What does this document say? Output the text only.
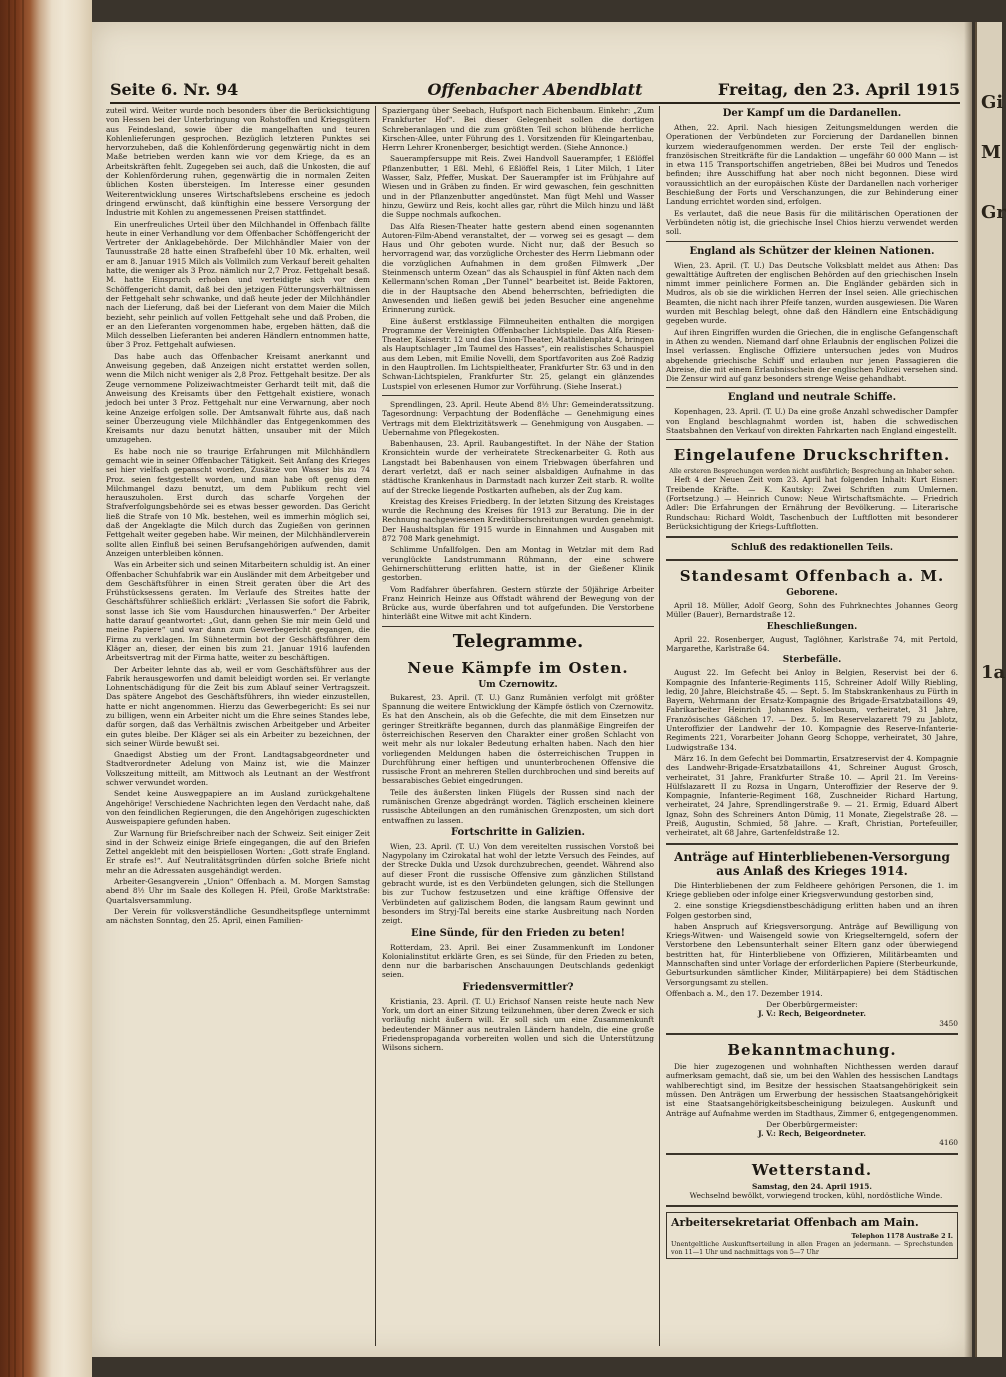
Seite 6. Nr. 94	Offenbacher Abendblatt	Freitag, den 23. April 1915

zuteil wird. Weiter wurde noch besonders über die Berücksichtigung von Hessen bei der Unterbringung von Rohstoffen und Kriegsgütern aus Feindesland, sowie über die mangelhaften und teuren Kohlenlieferungen gesprochen. Bezüglich letzteren Punktes sei hervorzuheben, daß die Kohlenförderung gegenwärtig nicht in dem Maße betrieben werden kann wie vor dem Kriege, da es an Arbeitskräften fehlt. Zugegeben sei auch, daß die Unkosten, die auf der Kohlenförderung ruhen, gegenwärtig die in normalen Zeiten üblichen Kosten übersteigen. Im Interesse einer gesunden Weiterentwicklung unseres Wirtschaftslebens erscheine es jedoch dringend erwünscht, daß künftighin eine bessere Versorgung der Industrie mit Kohlen zu angemessenen Preisen stattfindet.

Ein unerfreuliches Urteil über den Milchhandel in Offenbach fällte heute in einer Verhandlung vor dem Offenbacher Schöffengericht der Vertreter der Anklagebehörde. Der Milchhändler Maier von der Taunusstraße 28 hatte einen Strafbefehl über 10 Mk. erhalten, weil er am 8. Januar 1915 Milch als Vollmilch zum Verkauf bereit gehalten hatte, die weniger als 3 Proz. nämlich nur 2,7 Proz. Fettgehalt besaß. M. hatte Einspruch erhoben und verteidigte sich vor dem Schöffengericht damit, daß bei den jetzigen Fütterungsverhältnissen der Fettgehalt sehr schwanke, und daß heute jeder der Milchhändler nach der Lieferung, daß bei der Lieferant von dem Maier die Milch bezieht, sehr peinlich auf vollen Fettgehalt sehe und daß Proben, die er an den Lieferanten vorgenommen habe, ergeben hätten, daß die Milch desselben Lieferanten bei anderen Händlern entnommen hatte, über 3 Proz. Fettgehalt aufwiesen.

Das habe auch das Offenbacher Kreisamt anerkannt und Anweisung gegeben, daß Anzeigen nicht erstattet werden sollen, wenn die Milch nicht weniger als 2,8 Proz. Fettgehalt besitze. Der als Zeuge vernommene Polizeiwachtmeister Gerhardt teilt mit, daß die Anweisung des Kreisamts über den Fettgehalt existiere, wonach jedoch bei unter 3 Proz. Fettgehalt nur eine Verwarnung, aber noch keine Anzeige erfolgen solle. Der Amtsanwalt führte aus, daß nach seiner Überzeugung viele Milchhändler das Entgegenkommen des Kreisamts nur dazu benutzt hätten, unsauber mit der Milch umzugehen.

Es habe noch nie so traurige Erfahrungen mit Milchhändlern gemacht wie in seiner Offenbacher Tätigkeit. Seit Anfang des Krieges sei hier vielfach gepanscht worden, Zusätze von Wasser bis zu 74 Proz. seien festgestellt worden, und man habe oft genug dem Milchmangel dazu benutzt, um dem Publikum recht viel herauszuholen. Erst durch das scharfe Vorgehen der Strafverfolgungsbehörde sei es etwas besser geworden. Das Gericht ließ die Strafe von 10 Mk. bestehen, weil es immerhin möglich sei, daß der Angeklagte die Milch durch das Zugießen von gerinnen Fettgehalt weiter gegeben habe. Wir meinen, der Milchhändlerverein sollte allen Einfluß bei seinen Berufsangehörigen aufwenden, damit Anzeigen unterbleiben können.

Was ein Arbeiter sich und seinen Mitarbeitern schuldig ist. An einer Offenbacher Schuhfabrik war ein Ausländer mit dem Arbeitgeber und dem Geschäftsführer in einen Streit geraten über die Art des Frühstücksessens geraten. Im Verlaufe des Streites hatte der Geschäftsführer schließlich erklärt: „Verlassen Sie sofort die Fabrik, sonst lasse ich Sie vom Hausdurchen hinauswerfen.“ Der Arbeiter hatte darauf geantwortet: „Gut, dann gehen Sie mir mein Geld und meine Papiere“ und war dann zum Gewerbegericht gegangen, die Firma zu verklagen. Im Sühnetermin bot der Geschäftsführer dem Kläger an, dieser, der einen bis zum 21. Januar 1916 laufenden Arbeitsvertrag mit der Firma hatte, weiter zu beschäftigen.

Der Arbeiter lehnte das ab, weil er vom Geschäftsführer aus der Fabrik herausgeworfen und damit beleidigt worden sei. Er verlangte Lohnentschädigung für die Zeit bis zum Ablauf seiner Vertragszeit. Das spätere Angebot des Geschäftsführers, ihn wieder einzustellen, hatte er nicht angenommen. Hierzu das Gewerbegericht: Es sei nur zu billigen, wenn ein Arbeiter nicht um die Ehre seines Standes lebe, dafür sorgen, daß das Verhältnis zwischen Arbeitgeber und Arbeiter ein gutes bleibe. Der Kläger sei als ein Arbeiter zu bezeichnen, der sich seiner Würde bewußt sei.

Gnaedigst Abstieg um der Front. Landtagsabgeordneter und Stadtverordneter Adelung von Mainz ist, wie die Mainzer Volkszeitung mitteilt, am Mittwoch als Leutnant an der Westfront schwer verwundet worden.

Sendet keine Auswegpapiere an im Ausland zurückgehaltene Angehörige! Verschiedene Nachrichten legen den Verdacht nahe, daß von den feindlichen Regierungen, die den Angehörigen zugeschickten Ausweispapiere gefunden haben.

Zur Warnung für Briefschreiber nach der Schweiz. Seit einiger Zeit sind in der Schweiz einige Briefe eingegangen, die auf den Briefen Zettel angeklebt mit den beispiellosen Worten: „Gott strafe England. Er strafe es!“. Auf Neutralitätsgründen dürfen solche Briefe nicht mehr an die Adressaten ausgehändigt werden.

Arbeiter-Gesangverein „Union“ Offenbach a. M. Morgen Samstag abend 8½ Uhr im Saale des Kollegen H. Pfeil, Große Marktstraße: Quartalsversammlung.

Der Verein für volksverständliche Gesundheitspflege unternimmt am nächsten Sonntag, den 25. April, einen Familien-

Spaziergang über Seebach, Hufsport nach Eichenbaum. Einkehr: „Zum Frankfurter Hof“. Bei dieser Gelegenheit sollen die dortigen Schreberanlagen und die zum größten Teil schon blühende herrliche Kirschen-Allee, unter Führung des 1. Vorsitzenden für Kleingartenbau, Herrn Lehrer Kronenberger, besichtigt werden. (Siehe Annonce.)

Sauerampfersuppe mit Reis. Zwei Handvoll Sauerampfer, 1 Eßlöffel Pflanzenbutter, 1 Eßl. Mehl, 6 Eßlöffel Reis, 1 Liter Milch, 1 Liter Wasser, Salz, Pfeffer, Muskat. Der Sauerampfer ist im Frühjahre auf Wiesen und in Gräben zu finden. Er wird gewaschen, fein geschnitten und in der Pflanzenbutter angedünstet. Man fügt Mehl und Wasser hinzu, Gewürz und Reis, kocht alles gar, rührt die Milch hinzu und läßt die Suppe nochmals aufkochen.

Das Alfa Riesen-Theater hatte gestern abend einen sogenannten Autoren-Film-Abend veranstaltet, der — vorweg sei es gesagt — dem Haus und Ohr geboten wurde. Nicht nur, daß der Besuch so hervorragend war, das vorzügliche Orchester des Herrn Liebmann oder die vorzüglichen Aufnahmen in dem großen Filmwerk „Der Steinmensch unterm Ozean“ das als Schauspiel in fünf Akten nach dem Kellermann'schen Roman „Der Tunnel“ bearbeitet ist. Beide Faktoren, die in der Hauptsache den Abend beherrschten, befriedigten die Anwesenden und ließen gewiß bei jeden Besucher eine angenehme Erinnerung zurück.

Eine äußerst erstklassige Filmneuheiten enthalten die morgigen Programme der Vereinigten Offenbacher Lichtspiele. Das Alfa Riesen-Theater, Kaiserstr. 12 und das Union-Theater, Mathildenplatz 4, bringen als Hauptschlager „Im Taumel des Hasses“, ein realistisches Schauspiel aus dem Leben, mit Emilie Novelli, dem Sportfavoriten aus Zoë Radzig in den Hauptrollen. Im Lichtspieltheater, Frankfurter Str. 63 und in den Schwan-Lichtspielen, Frankfurter Str. 25, gelangt ein glänzendes Lustspiel von erlesenen Humor zur Vorführung. (Siehe Inserat.)

Sprendlingen, 23. April. Heute Abend 8½ Uhr: Gemeinderatssitzung. Tagesordnung: Verpachtung der Bodenfläche — Genehmigung eines Vertrags mit dem Elektrizitätswerk — Genehmigung von Ausgaben. — Uebernahme von Pflegekosten.

Babenhausen, 23. April. Raubangestiftet. In der Nähe der Station Kronsichtein wurde der verheiratete Streckenarbeiter G. Roth aus Langstadt bei Babenhausen von einem Triebwagen überfahren und derart verletzt, daß er nach seiner alsbaldigen Aufnahme in das städtische Krankenhaus in Darmstadt nach kurzer Zeit starb. R. wollte auf der Strecke liegende Postkarten aufheben, als der Zug kam.

Kreistag des Kreises Friedberg. In der letzten Sitzung des Kreistages wurde die Rechnung des Kreises für 1913 zur Beratung. Die in der Rechnung nachgewiesenen Kreditüberschreitungen wurden genehmigt. Der Haushaltsplan für 1915 wurde in Einnahmen und Ausgaben mit 872 708 Mark genehmigt.

Schlimme Unfallfolgen. Den am Montag in Wetzlar mit dem Rad verunglückte Landstrummann Rühmann, der eine schwere Gehirnerschütterung erlitten hatte, ist in der Gießener Klinik gestorben.

Vom Radfahrer überfahren. Gestern stürzte der 50jährige Arbeiter Franz Heinrich Heinze aus Offstadt während der Bewegung von der Brücke aus, wurde überfahren und tot aufgefunden. Die Verstorbene hinterläßt eine Witwe mit acht Kindern.

Telegramme.
Neue Kämpfe im Osten.
Um Czernowitz.

Bukarest, 23. April. (T. U.) Ganz Rumänien verfolgt mit größter Spannung die weitere Entwicklung der Kämpfe östlich von Czernowitz. Es hat den Anschein, als ob die Gefechte, die mit dem Einsetzen nur geringer Streitkräfte begannen, durch das planmäßige Eingreifen der österreichischen Reserven den Charakter einer großen Schlacht von weit mehr als nur lokaler Bedeutung erhalten haben. Nach den hier vorliegenden Meldungen haben die österreichischen Truppen in Durchführung einer heftigen und ununterbrochenen Offensive die russische Front an mehreren Stellen durchbrochen und sind bereits auf bessarabisches Gebiet eingedrungen.

Teile des äußersten linken Flügels der Russen sind nach der rumänischen Grenze abgedrängt worden. Täglich erscheinen kleinere russische Abteilungen an den rumänischen Grenzposten, um sich dort entwaffnen zu lassen.

Fortschritte in Galizien.

Wien, 23. April. (T. U.) Von dem vereitelten russischen Vorstoß bei Nagypolany im Czirokatal hat wohl der letzte Versuch des Feindes, auf der Strecke Dukla und Uzsok durchzubrechen, geendet. Während also auf dieser Front die russische Offensive zum gänzlichen Stillstand gebracht wurde, ist es den Verbündeten gelungen, sich die Stellungen bis zur Tuchow festzusetzen und eine kräftige Offensive der Verbündeten auf galizischem Boden, die langsam Raum gewinnt und besonders im Stryj-Tal bereits eine starke Ausbreitung nach Norden zeigt.

Eine Sünde, für den Frieden zu beten!

Rotterdam, 23. April. Bei einer Zusammenkunft im Londoner Kolonialinstitut erklärte Gren, es sei Sünde, für den Frieden zu beten, denn nur die barbarischen Anschauungen Deutschlands gedenkigt seien.

Friedensvermittler?

Kristiania, 23. April. (T. U.) Erichsof Nansen reiste heute nach New York, um dort an einer Sitzung teilzunehmen, über deren Zweck er sich vorläufig nicht äußern will. Er soll sich um eine Zusammenkunft bedeutender Männer aus neutralen Ländern handeln, die eine große Friedenspropaganda vorbereiten wollen und sich die Unterstützung Wilsons sichern.

Der Kampf um die Dardanellen.

Athen, 22. April. Nach hiesigen Zeitungsmeldungen werden die Operationen der Verbündeten zur Forcierung der Dardanellen binnen kurzem wiederaufgenommen werden. Der erste Teil der englisch-französischen Streitkräfte für die Landaktion — ungefähr 60 000 Mann — ist in etwa 115 Transportschiffen angetrieben, 8Bei bei Mudros und Tenedos befinden; ihre Ausschiffung hat aber noch nicht begonnen. Diese wird voraussichtlich an der europäischen Küste der Dardanellen nach vorheriger Beschießung der Forts und Verschanzungen, die zur Behinderung einer Landung errichtet worden sind, erfolgen.

Es verlautet, daß die neue Basis für die militärischen Operationen der Verbündeten nötig ist, die griechische Insel Chios hierzu verwendet werden soll.

England als Schützer der kleinen Nationen.

Wien, 23. April. (T. U.) Das Deutsche Volksblatt meldet aus Athen: Das gewalttätige Auftreten der englischen Behörden auf den griechischen Inseln nimmt immer peinlichere Formen an. Die Engländer gebärden sich in Mudros, als ob sie die wirklichen Herren der Insel seien. Alle griechischen Beamten, die nicht nach ihrer Pfeife tanzen, wurden ausgewiesen. Die Waren wurden mit Beschlag belegt, ohne daß den Händlern eine Entschädigung gegeben wurde.

Auf ihren Eingriffen wurden die Griechen, die in englische Gefangenschaft in Athen zu wenden. Niemand darf ohne Erlaubnis der englischen Polizei die Insel verlassen. Englische Offiziere untersuchen jedes von Mudros abgehende griechische Schiff und erlauben nur jenen Passagieren die Abreise, die mit einem Erlaubnisschein der englischen Polizei versehen sind. Die Zensur wird auf ganz besonders strenge Weise gehandhabt.

England und neutrale Schiffe.

Kopenhagen, 23. April. (T. U.) Da eine große Anzahl schwedischer Dampfer von England beschlagnahmt worden ist, haben die schwedischen Staatsbahnen den Verkauf von direkten Fahrkarten nach England eingestellt.

Eingelaufene Druckschriften.
Alle ersteren Besprechungen werden nicht ausführlich; Besprechung an Inhaber sehen.

Heft 4 der Neuen Zeit vom 23. April hat folgenden Inhalt: Kurt Eisner: Treibende Kräfte. — K. Kautsky: Zwei Schriften zum Umlernen. (Fortsetzung.) — Heinrich Cunow: Neue Wirtschaftsmächte. — Friedrich Adler: Die Erfahrungen der Ernährung der Bevölkerung. — Literarische Rundschau: Richard Woldt, Taschenbuch der Luftflotten mit besonderer Berücksichtigung der Kriegs-Luftflotten.

Schluß des redaktionellen Teils.
Standesamt Offenbach a. M.
Geborene.

April 18. Müller, Adolf Georg, Sohn des Fuhrknechtes Johannes Georg Müller (Bauer), Bernardstraße 12.

Eheschließungen.

April 22. Rosenberger, August, Taglöhner, Karlstraße 74, mit Pertold, Margarethe, Karlstraße 64.

Sterbefälle.

August 22. Im Gefecht bei Anloy in Belgien, Reservist bei der 6. Kompagnie des Infanterie-Regiments 115, Schreiner Adolf Willy Riebling, ledig, 20 Jahre, Bleichstraße 45. — Sept. 5. Im Stabskrankenhaus zu Fürth in Bayern, Wehrmann der Ersatz-Kompagnie des Brigade-Ersatzbataillons 49, Fabrikarbeiter Heinrich Johannes Rolsecbaum, verheiratet, 31 Jahre, Französisches Gäßchen 17. — Dez. 5. Im Reservelazarett 79 zu Jablotz, Unteroffizier der Landwehr der 10. Kompagnie des Reserve-Infanterie-Regiments 221, Vorarbeiter Johann Georg Schoppe, verheiratet, 30 Jahre, Ludwigstraße 134.

März 16. In dem Gefecht bei Dommartin, Ersatzreservist der 4. Kompagnie des Landwehr-Brigade-Ersatzbataillons 41, Schreiner August Grosch, verheiratet, 31 Jahre, Frankfurter Straße 10. — April 21. Im Vereins-Hülfslazarett II zu Rozsa in Ungarn, Unteroffizier der Reserve der 9. Kompagnie, Infanterie-Regiment 168, Zuschneider Richard Hartung, verheiratet, 24 Jahre, Sprendlingerstraße 9. — 21. Ermig, Eduard Albert Ignaz, Sohn des Schreiners Anton Dümig, 11 Monate, Ziegelstraße 28. — Preiß, Augustin, Schmied, 58 Jahre. — Kraft, Christian, Portefeuiller, verheiratet, alt 68 Jahre, Gartenfeldstraße 12.

Anträge auf Hinterbliebenen-Versorgung aus Anlaß des Krieges 1914.

Die Hinterbliebenen der zum Feldheere gehörigen Personen, die 1. im Kriege geblieben oder infolge einer Kriegsverwundung gestorben sind,

2. eine sonstige Kriegsdienstbeschädigung erlitten haben und an ihren Folgen gestorben sind,

haben Anspruch auf Kriegsversorgung. Anträge auf Bewilligung von Kriegs-Witwen- und Waisengeld sowie von Kriegselterngeld, sofern der Verstorbene den Lebensunterhalt seiner Eltern ganz oder überwiegend bestritten hat, für Hinterbliebene von Offizieren, Militärbeamten und Mannschaften sind unter Vorlage der erforderlichen Papiere (Sterbeurkunde, Geburtsurkunden sämtlicher Kinder, Militärpapiere) bei dem Städtischen Versorgungsamt zu stellen.

Offenbach a. M., den 17. Dezember 1914.

Der Oberbürgermeister:
J. V.: Rech, Beigeordneter.
3450
Bekanntmachung.

Die hier zugezogenen und wohnhaften Nichthessen werden darauf aufmerksam gemacht, daß sie, um bei den Wahlen des hessischen Landtags wahlberechtigt sind, im Besitze der hessischen Staatsangehörigkeit sein müssen. Den Anträgen um Erwerbung der hessischen Staatsangehörigkeit ist eine Staatsangehörigkeitsbescheinigung beizulegen. Auskunft und Anträge auf Aufnahme werden im Stadthaus, Zimmer 6, entgegengenommen.

Der Oberbürgermeister:
J. V.: Rech, Beigeordneter.
4160
Wetterstand.
Samstag, den 24. April 1915.

Wechselnd bewölkt, vorwiegend trocken, kühl, nordöstliche Winde.

Arbeitersekretariat Offenbach am Main.
Telephon 1178 Austraße 2 I.
Unentgeltliche Auskunftserteilung in allen Fragen an jedermann. — Sprechstunden von 11—1 Uhr und nachmittags von 5—7 Uhr
Gi
M
Gr
1a
